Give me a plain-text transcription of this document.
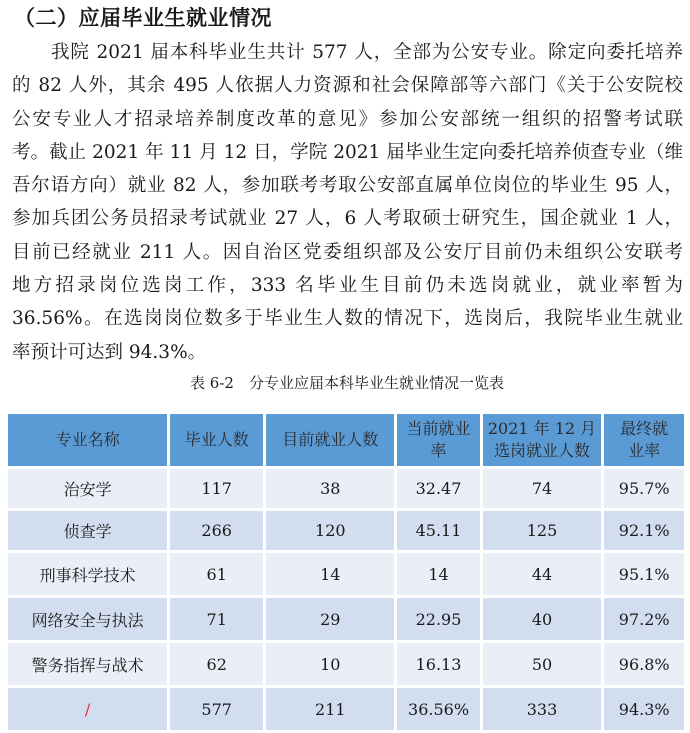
（二）应届毕业生就业情况
我院 2021 届本科毕业生共计 577 人，全部为公安专业。除定向委托培养
的 82 人外，其余 495 人依据人力资源和社会保障部等六部门《关于公安院校
公安专业人才招录培养制度改革的意见》参加公安部统一组织的招警考试联
考。截止 2021 年 11 月 12 日，学院 2021 届毕业生定向委托培养侦查专业（维
吾尔语方向）就业 82 人，参加联考考取公安部直属单位岗位的毕业生 95 人，
参加兵团公务员招录考试就业 27 人，6 人考取硕士研究生，国企就业 1 人，
目前已经就业 211 人。因自治区党委组织部及公安厅目前仍未组织公安联考
地方招录岗位选岗工作，333 名毕业生目前仍未选岗就业，就业率暂为
36.56%。在选岗岗位数多于毕业生人数的情况下，选岗后，我院毕业生就业
率预计可达到 94.3%。
表 6-2　分专业应届本科毕业生就业情况一览表
专业名称	毕业人数	目前就业人数	当前就业率	2021 年 12 月选岗就业人数	最终就业率
治安学	117	38	32.47	74	95.7%
侦查学	266	120	45.11	125	92.1%
刑事科学技术	61	14	14	44	95.1%
网络安全与执法	71	29	22.95	40	97.2%
警务指挥与战术	62	10	16.13	50	96.8%
/	577	211	36.56%	333	94.3%
